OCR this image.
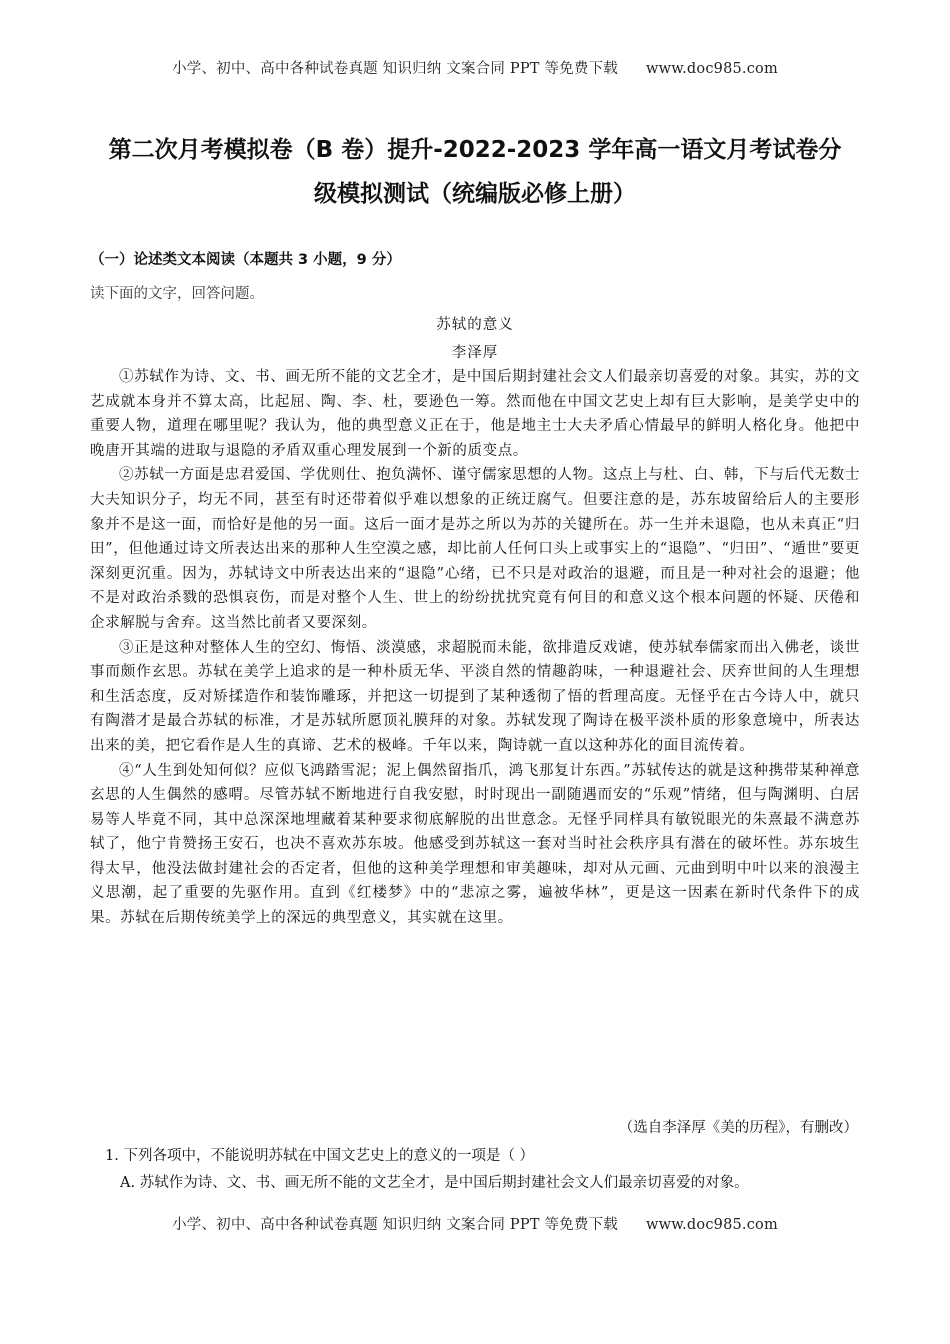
小学、初中、高中各种试卷真题 知识归纳 文案合同 PPT 等免费下载 www.doc985.com
第二次月考模拟卷（B 卷）提升-2022-2023 学年高一语文月考试卷分
级模拟测试（统编版必修上册）
（一）论述类文本阅读（本题共 3 小题，9 分）
读下面的文字，回答问题。
苏轼的意义
李泽厚

①苏轼作为诗、文、书、画无所不能的文艺全才，是中国后期封建社会文人们最亲切喜爱的对象。其实，苏的文艺成就本身并不算太高，比起屈、陶、李、杜，要逊色一筹。然而他在中国文艺史上却有巨大影响，是美学史中的重要人物，道理在哪里呢？我认为，他的典型意义正在于，他是地主士大夫矛盾心情最早的鲜明人格化身。他把中晚唐开其端的进取与退隐的矛盾双重心理发展到一个新的质变点。

②苏轼一方面是忠君爱国、学优则仕、抱负满怀、谨守儒家思想的人物。这点上与杜、白、韩，下与后代无数士大夫知识分子，均无不同，甚至有时还带着似乎难以想象的正统迂腐气。但要注意的是，苏东坡留给后人的主要形象并不是这一面，而恰好是他的另一面。这后一面才是苏之所以为苏的关键所在。苏一生并未退隐，也从未真正“归田”，但他通过诗文所表达出来的那种人生空漠之感，却比前人任何口头上或事实上的“退隐”、“归田”、“遁世”要更深刻更沉重。因为，苏轼诗文中所表达出来的“退隐”心绪，已不只是对政治的退避，而且是一种对社会的退避；他不是对政治杀戮的恐惧哀伤，而是对整个人生、世上的纷纷扰扰究竟有何目的和意义这个根本问题的怀疑、厌倦和企求解脱与舍弃。这当然比前者又要深刻。

③正是这种对整体人生的空幻、悔悟、淡漠感，求超脱而未能，欲排遣反戏谑，使苏轼奉儒家而出入佛老，谈世事而颇作玄思。苏轼在美学上追求的是一种朴质无华、平淡自然的情趣韵味，一种退避社会、厌弃世间的人生理想和生活态度，反对矫揉造作和装饰雕琢，并把这一切提到了某种透彻了悟的哲理高度。无怪乎在古今诗人中，就只有陶潜才是最合苏轼的标准，才是苏轼所愿顶礼膜拜的对象。苏轼发现了陶诗在极平淡朴质的形象意境中，所表达出来的美，把它看作是人生的真谛、艺术的极峰。千年以来，陶诗就一直以这种苏化的面目流传着。

④“人生到处知何似？应似飞鸿踏雪泥；泥上偶然留指爪，鸿飞那复计东西。”苏轼传达的就是这种携带某种禅意玄思的人生偶然的感喟。尽管苏轼不断地进行自我安慰，时时现出一副随遇而安的“乐观”情绪，但与陶渊明、白居易等人毕竟不同，其中总深深地埋藏着某种要求彻底解脱的出世意念。无怪乎同样具有敏锐眼光的朱熹最不满意苏轼了，他宁肯赞扬王安石，也决不喜欢苏东坡。他感受到苏轼这一套对当时社会秩序具有潜在的破坏性。苏东坡生得太早，他没法做封建社会的否定者，但他的这种美学理想和审美趣味，却对从元画、元曲到明中叶以来的浪漫主义思潮，起了重要的先驱作用。直到《红楼梦》中的“悲凉之雾，遍被华林”，更是这一因素在新时代条件下的成果。苏轼在后期传统美学上的深远的典型意义，其实就在这里。

（选自李泽厚《美的历程》，有删改）
1. 下列各项中，不能说明苏轼在中国文艺史上的意义的一项是（ ）
A. 苏轼作为诗、文、书、画无所不能的文艺全才，是中国后期封建社会文人们最亲切喜爱的对象。
小学、初中、高中各种试卷真题 知识归纳 文案合同 PPT 等免费下载 www.doc985.com
